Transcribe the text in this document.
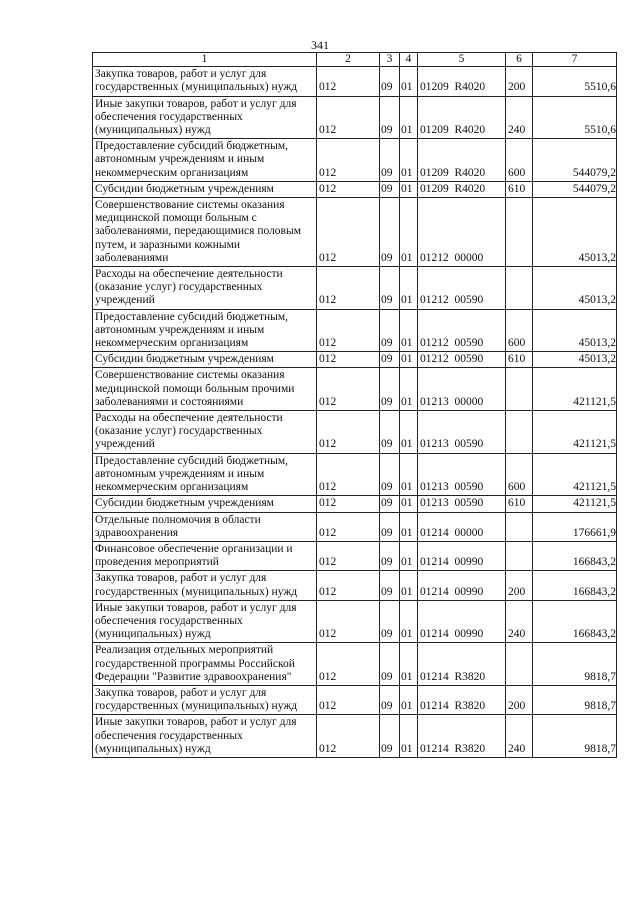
341
1	2	3	4	5	6	7
Закупка товаров, работ и услуг для государственных (муниципальных) нужд	012	09	01	01209  R4020	200	5510,6
Иные закупки товаров, работ и услуг для обеспечения государственных (муниципальных) нужд	012	09	01	01209  R4020	240	5510,6
Предоставление субсидий бюджетным, автономным учреждениям и иным некоммерческим организациям	012	09	01	01209  R4020	600	544079,2
Субсидии бюджетным учреждениям	012	09	01	01209  R4020	610	544079,2
Совершенствование системы оказания медицинской помощи больным с заболеваниями, передающимися половым путем, и заразными кожными заболеваниями	012	09	01	01212  00000		45013,2
Расходы на обеспечение деятельности (оказание услуг) государственных учреждений	012	09	01	01212  00590		45013,2
Предоставление субсидий бюджетным, автономным учреждениям и иным некоммерческим организациям	012	09	01	01212  00590	600	45013,2
Субсидии бюджетным учреждениям	012	09	01	01212  00590	610	45013,2
Совершенствование системы оказания медицинской помощи больным прочими заболеваниями и состояниями	012	09	01	01213  00000		421121,5
Расходы на обеспечение деятельности (оказание услуг) государственных учреждений	012	09	01	01213  00590		421121,5
Предоставление субсидий бюджетным, автономным учреждениям и иным некоммерческим организациям	012	09	01	01213  00590	600	421121,5
Субсидии бюджетным учреждениям	012	09	01	01213  00590	610	421121,5
Отдельные полномочия в области здравоохранения	012	09	01	01214  00000		176661,9
Финансовое обеспечение организации и проведения мероприятий	012	09	01	01214  00990		166843,2
Закупка товаров, работ и услуг для государственных (муниципальных) нужд	012	09	01	01214  00990	200	166843,2
Иные закупки товаров, работ и услуг для обеспечения государственных (муниципальных) нужд	012	09	01	01214  00990	240	166843,2
Реализация отдельных мероприятий государственной программы Российской Федерации "Развитие здравоохранения"	012	09	01	01214  R3820		9818,7
Закупка товаров, работ и услуг для государственных (муниципальных) нужд	012	09	01	01214  R3820	200	9818,7
Иные закупки товаров, работ и услуг для обеспечения государственных (муниципальных) нужд	012	09	01	01214  R3820	240	9818,7
